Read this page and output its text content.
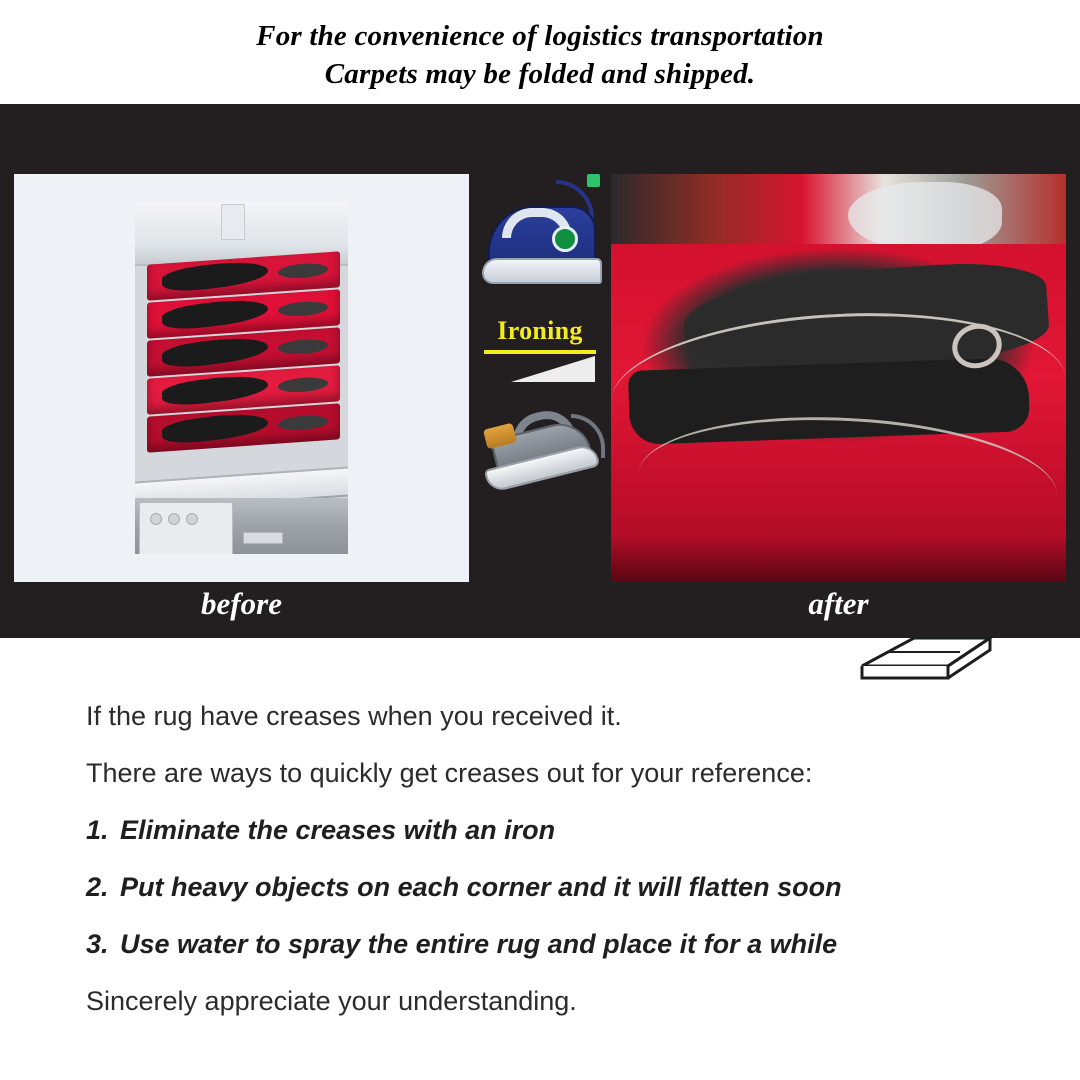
For the convenience of logistics transportation
Carpets may be folded and shipped.
before
Ironing
after
If the rug have creases when you received it.
There are ways to quickly get creases out for your reference:
1. Eliminate the creases with an iron
2. Put heavy objects on each corner and it will flatten soon
3. Use water to spray the entire rug and place it for a while
Sincerely appreciate your understanding.
